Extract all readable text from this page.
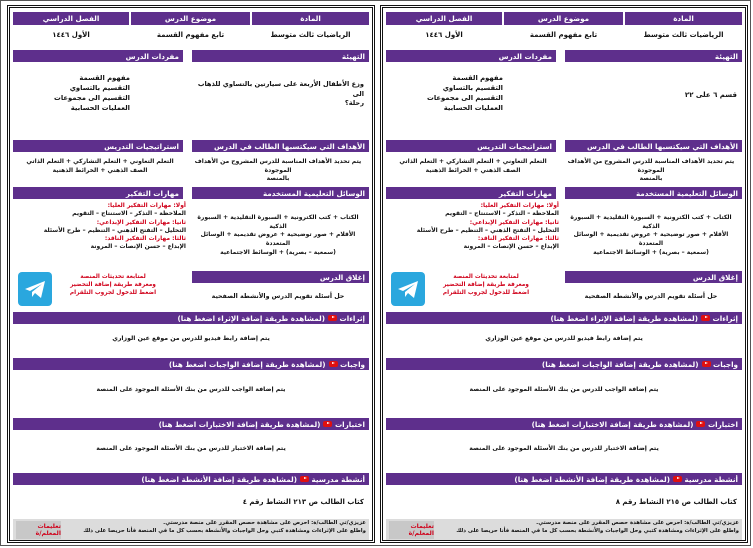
المادة
موضوع الدرس
الفصل الدراسي
الرياضيات ثالث متوسط
تابع مفهوم القسمة
الأول ١٤٤٦
التهيئة
مفردات الدرس
قسم ٦ على ٢٢
مفهوم القسمة
التقسيم بالتساوي
التقسيم الى مجموعات
العمليات الحسابية
الأهداف التي سيكتسبها الطالب في الدرس
استراتيجيات التدريس
يتم تحديد الأهداف المناسبة للدرس المشروح من الأهداف الموجودة
بالمنصة
التعلم التعاوني + التعلم التشاركي + التعلم الذاتي
الصف الذهني + الخرائط الذهنية
الوسائل التعليمية المستخدمة
مهارات التفكير
الكتاب + كتب الكترونية + السبورة التقليدية + السبورة الذكية
الأقلام + صور توضيحية + عروض تقديمية + الوسائل المتعددة
(سمعية – بصرية) + الوسائط الاجتماعية
أولا: مهارات التفكير العليا:
الملاحظة – التذكر – الاستنتاج – التقويم
ثانيا: مهارات التفكير الإبداعي:
التحليل – التفتح الذهني – التنظيم – طرح الأسئلة
ثالثا: مهارات التفكير الناقد:
الإبداع – حسن الإنصات – المرونة
إغلاق الدرس
حل أسئلة تقويم الدرس والأنشطة الصفحية
لمتابعة تحديثات المنصة
ومعرفة طريقة إضافة التحضير
اضغط للدخول لجروب التلقرام
إثراءات

(لمشاهدة طريقة إضافة الإثراء اضغط هنا)
يتم إضافة رابط فيديو للدرس من موقع عين الوزاري
واجبات

(لمشاهدة طريقة إضافة الواجبات اضغط هنا)
يتم إضافة الواجب للدرس من بنك الأسئلة الموجود على المنصة
اختبارات

(لمشاهدة طريقة إضافة الاختبارات اضغط هنا)
يتم إضافة الاختبار للدرس من بنك الأسئلة الموجود على المنصة
أنشطة مدرسية

(لمشاهدة طريقة إضافة الأنشطة اضغط هنا)
كتاب الطالب ص ٢١٥ النشاط رقم ٨
تعليمات المعلم/ة
عزيزي/تي الطالب/ة: احرص على مشاهدة حصص المقرر على منصة مدرستي.
واطلع على الإثراءات ومشاهدة كتبي وحل الواجبات والأنشطة بحسب كل ما في المنصة فأنا حريصا على ذلك
المادة
موضوع الدرس
الفصل الدراسي
الرياضيات ثالث متوسط
تابع مفهوم القسمة
الأول ١٤٤٦
التهيئة
مفردات الدرس
وزع الأطفال الأربعة على سيارتين بالتساوي للذهاب الى
رحلة؟
مفهوم القسمة
التقسيم بالتساوي
التقسيم الى مجموعات
العمليات الحسابية
الأهداف التي سيكتسبها الطالب في الدرس
استراتيجيات التدريس
يتم تحديد الأهداف المناسبة للدرس المشروح من الأهداف الموجودة
بالمنصة
التعلم التعاوني + التعلم التشاركي + التعلم الذاتي
الصف الذهني + الخرائط الذهنية
الوسائل التعليمية المستخدمة
مهارات التفكير
الكتاب + كتب الكترونية + السبورة التقليدية + السبورة الذكية
الأقلام + صور توضيحية + عروض تقديمية + الوسائل المتعددة
(سمعية – بصرية) + الوسائط الاجتماعية
أولا: مهارات التفكير العليا:
الملاحظة – التذكر – الاستنتاج – التقويم
ثانيا: مهارات التفكير الإبداعي:
التحليل – التفتح الذهني – التنظيم – طرح الأسئلة
ثالثا: مهارات التفكير الناقد:
الإبداع – حسن الإنصات – المرونة
إغلاق الدرس
حل أسئلة تقويم الدرس والأنشطة الصفحية
لمتابعة تحديثات المنصة
ومعرفة طريقة إضافة التحضير
اضغط للدخول لجروب التلقرام
إثراءات

(لمشاهدة طريقة إضافة الإثراء اضغط هنا)
يتم إضافة رابط فيديو للدرس من موقع عين الوزاري
واجبات

(لمشاهدة طريقة إضافة الواجبات اضغط هنا)
يتم إضافة الواجب للدرس من بنك الأسئلة الموجود على المنصة
اختبارات

(لمشاهدة طريقة إضافة الاختبارات اضغط هنا)
يتم إضافة الاختبار للدرس من بنك الأسئلة الموجود على المنصة
أنشطة مدرسية

(لمشاهدة طريقة إضافة الأنشطة اضغط هنا)
كتاب الطالب ص ٢١٣ النشاط رقم ٤
تعليمات المعلم/ة
عزيزي/تي الطالب/ة: احرص على مشاهدة حصص المقرر على منصة مدرستي.
واطلع على الإثراءات ومشاهدة كتبي وحل الواجبات والأنشطة بحسب كل ما في المنصة فأنا حريصا على ذلك
